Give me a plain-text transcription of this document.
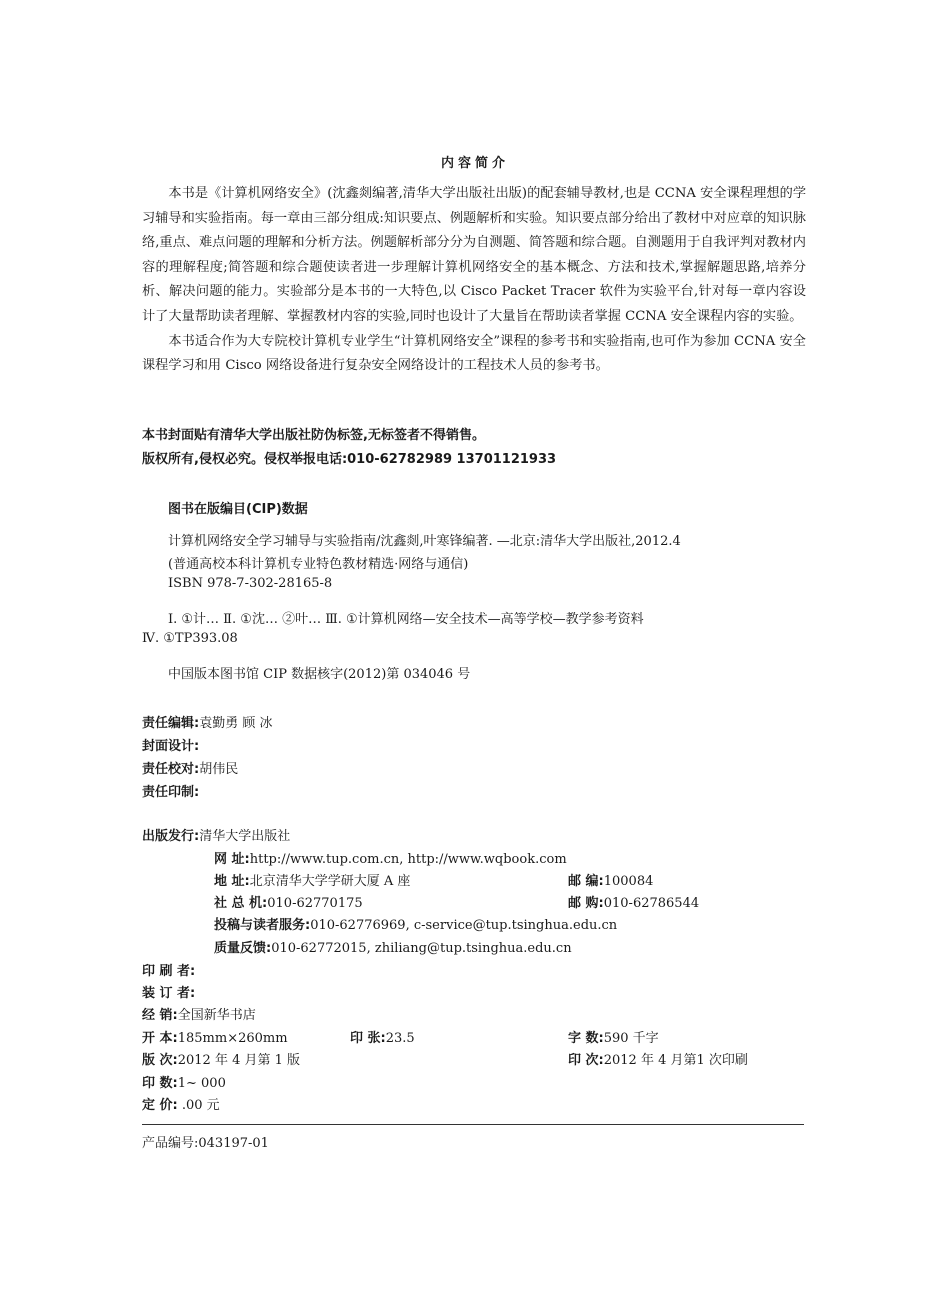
内容简介

本书是《计算机网络安全》(沈鑫剡编著,清华大学出版社出版)的配套辅导教材,也是 CCNA 安全课程理想的学习辅导和实验指南。每一章由三部分组成:知识要点、例题解析和实验。知识要点部分给出了教材中对应章的知识脉络,重点、难点问题的理解和分析方法。例题解析部分分为自测题、简答题和综合题。自测题用于自我评判对教材内容的理解程度;简答题和综合题使读者进一步理解计算机网络安全的基本概念、方法和技术,掌握解题思路,培养分析、解决问题的能力。实验部分是本书的一大特色,以 Cisco Packet Tracer 软件为实验平台,针对每一章内容设计了大量帮助读者理解、掌握教材内容的实验,同时也设计了大量旨在帮助读者掌握 CCNA 安全课程内容的实验。

本书适合作为大专院校计算机专业学生“计算机网络安全”课程的参考书和实验指南,也可作为参加 CCNA 安全课程学习和用 Cisco 网络设备进行复杂安全网络设计的工程技术人员的参考书。

本书封面贴有清华大学出版社防伪标签,无标签者不得销售。
版权所有,侵权必究。侵权举报电话:010-62782989 13701121933
图书在版编目(CIP)数据
计算机网络安全学习辅导与实验指南/沈鑫剡,叶寒锋编著. —北京:清华大学出版社,2012.4
(普通高校本科计算机专业特色教材精选·网络与通信)
ISBN 978-7-302-28165-8
Ⅰ. ①计… Ⅱ. ①沈… ②叶… Ⅲ. ①计算机网络—安全技术—高等学校—教学参考资料
Ⅳ. ①TP393.08
中国版本图书馆 CIP 数据核字(2012)第 034046 号
责任编辑:袁勤勇 顾 冰
封面设计:
责任校对:胡伟民
责任印制:
出版发行:清华大学出版社
网 址:http://www.tup.com.cn, http://www.wqbook.com
地 址:北京清华大学学研大厦 A 座	邮 编:100084
社 总 机:010-62770175	邮 购:010-62786544
投稿与读者服务:010-62776969, c-service@tup.tsinghua.edu.cn
质量反馈:010-62772015, zhiliang@tup.tsinghua.edu.cn
印 刷 者:
装 订 者:
经 销:全国新华书店
开 本:185mm×260mm	印 张:23.5	字 数:590 千字
版 次:2012 年 4 月第 1 版	印 次:2012 年 4 月第1 次印刷
印 数:1~ 000
定 价: .00 元
产品编号:043197-01
